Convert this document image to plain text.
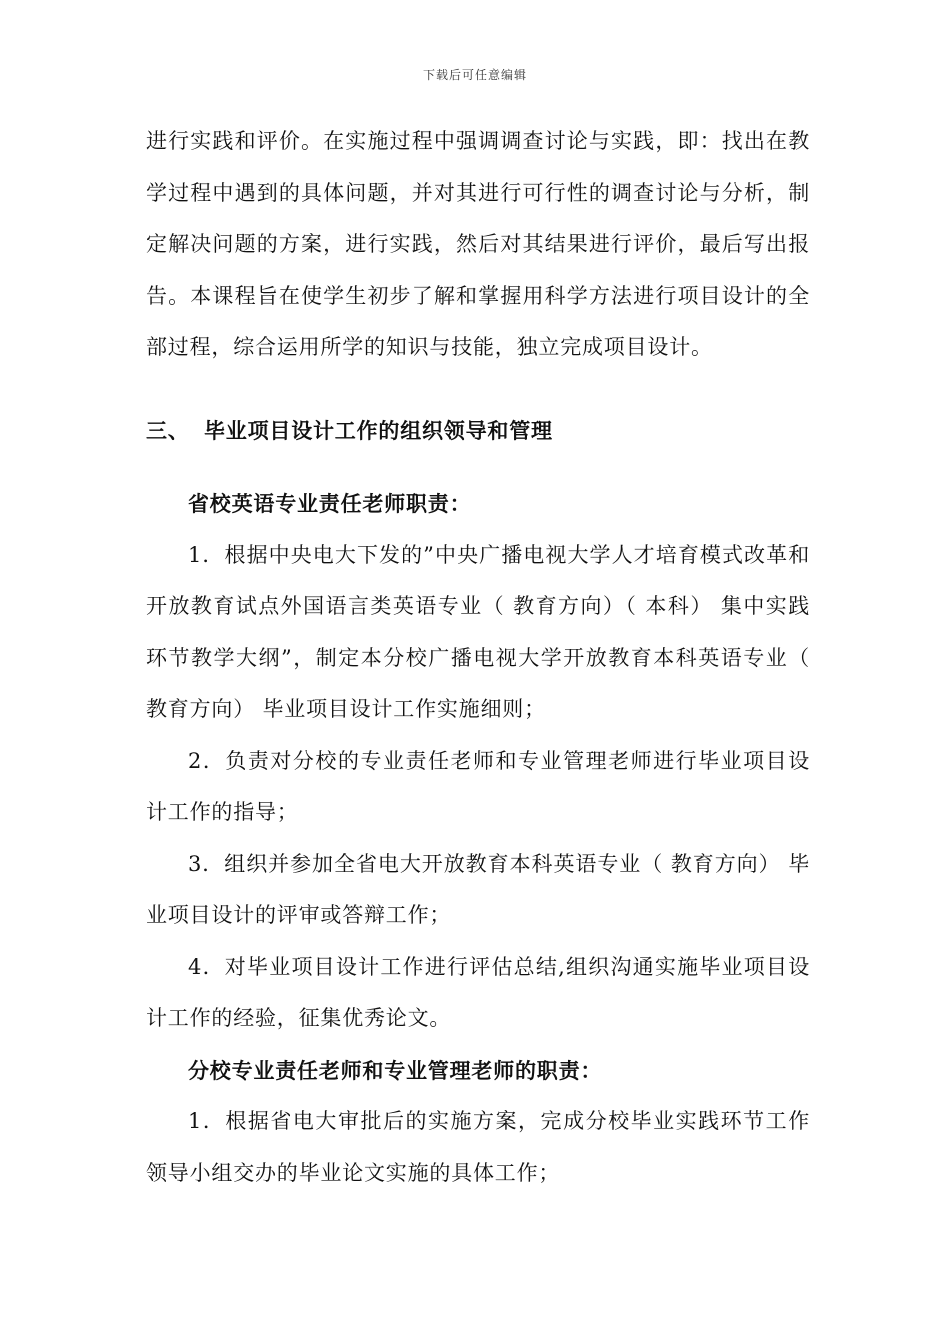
下载后可任意编辑

进行实践和评价。在实施过程中强调调查讨论与实践，即：找出在教学过程中遇到的具体问题，并对其进行可行性的调查讨论与分析，制定解决问题的方案，进行实践，然后对其结果进行评价，最后写出报告。本课程旨在使学生初步了解和掌握用科学方法进行项目设计的全部过程，综合运用所学的知识与技能，独立完成项目设计。

三、 毕业项目设计工作的组织领导和管理

省校英语专业责任老师职责：

1．根据中央电大下发的”中央广播电视大学人才培育模式改革和开放教育试点外国语言类英语专业（ 教育方向）（ 本科） 集中实践环节教学大纲”，制定本分校广播电视大学开放教育本科英语专业（ 教育方向） 毕业项目设计工作实施细则；

2．负责对分校的专业责任老师和专业管理老师进行毕业项目设计工作的指导；

3．组织并参加全省电大开放教育本科英语专业（ 教育方向） 毕业项目设计的评审或答辩工作；

4．对毕业项目设计工作进行评估总结,组织沟通实施毕业项目设计工作的经验，征集优秀论文。

分校专业责任老师和专业管理老师的职责：

1．根据省电大审批后的实施方案，完成分校毕业实践环节工作领导小组交办的毕业论文实施的具体工作；
